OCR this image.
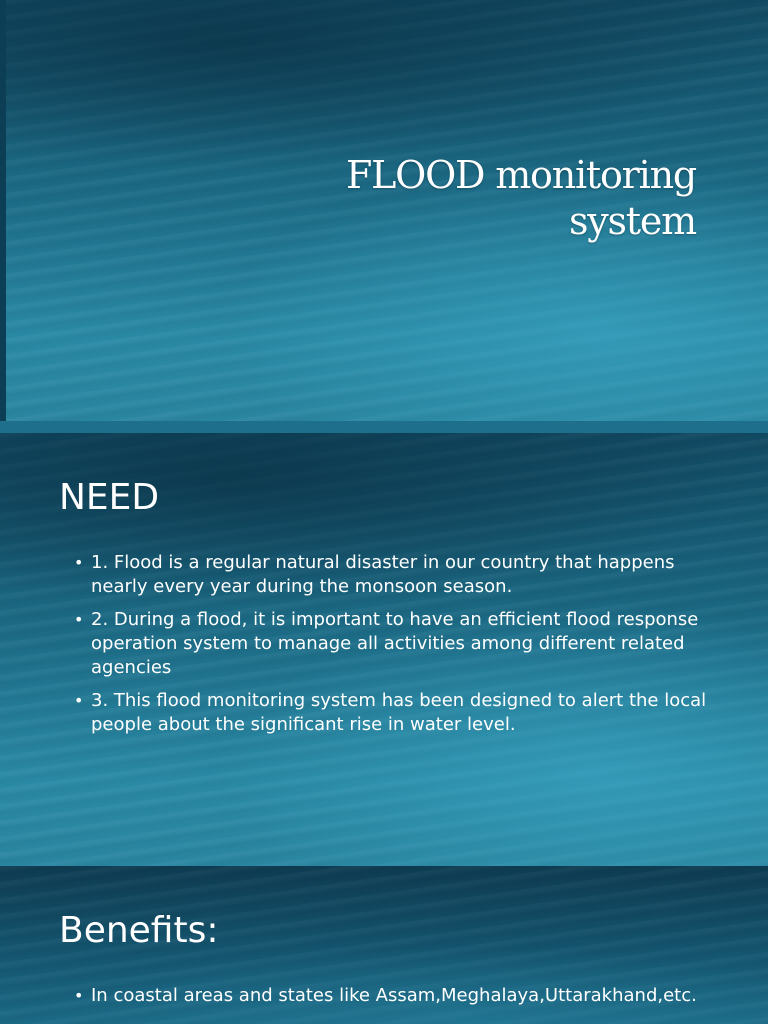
FLOOD monitoring
system
NEED
• 1. Flood is a regular natural disaster in our country that happens nearly every year during the monsoon season.
• 2. During a flood, it is important to have an efficient flood response operation system to manage all activities among different related agencies
• 3. This flood monitoring system has been designed to alert the local people about the significant rise in water level.
Benefits:
• In coastal areas and states like Assam,Meghalaya,Uttarakhand,etc.
